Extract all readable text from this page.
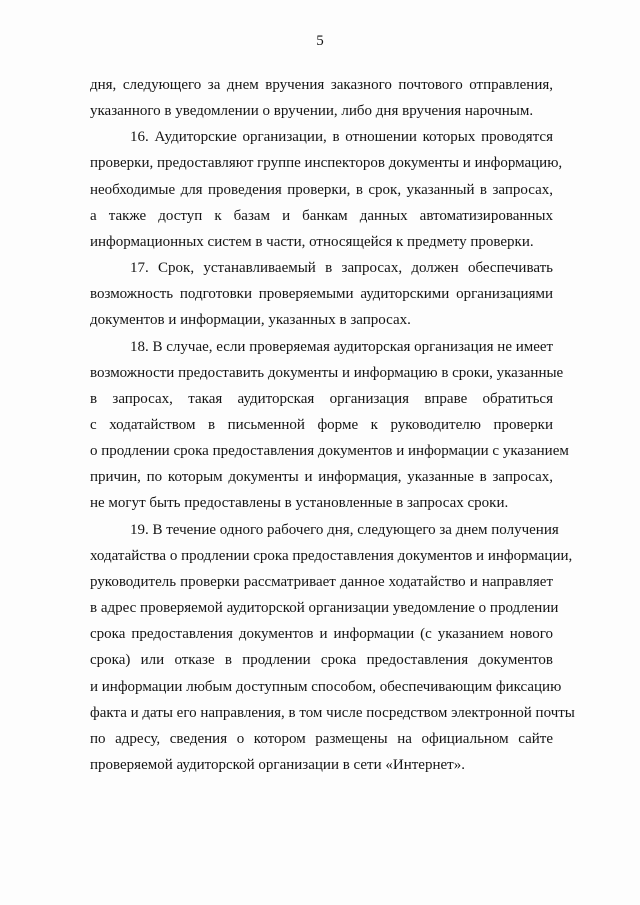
5
дня, следующего за днем вручения заказного почтового отправления,
указанного в уведомлении о вручении, либо дня вручения нарочным.
16. Аудиторские организации, в отношении которых проводятся
проверки, предоставляют группе инспекторов документы и информацию,
необходимые для проведения проверки, в срок, указанный в запросах,
а также доступ к базам и банкам данных автоматизированных
информационных систем в части, относящейся к предмету проверки.
17. Срок, устанавливаемый в запросах, должен обеспечивать
возможность подготовки проверяемыми аудиторскими организациями
документов и информации, указанных в запросах.
18. В случае, если проверяемая аудиторская организация не имеет
возможности предоставить документы и информацию в сроки, указанные
в запросах, такая аудиторская организация вправе обратиться
с ходатайством в письменной форме к руководителю проверки
о продлении срока предоставления документов и информации с указанием
причин, по которым документы и информация, указанные в запросах,
не могут быть предоставлены в установленные в запросах сроки.
19. В течение одного рабочего дня, следующего за днем получения
ходатайства о продлении срока предоставления документов и информации,
руководитель проверки рассматривает данное ходатайство и направляет
в адрес проверяемой аудиторской организации уведомление о продлении
срока предоставления документов и информации (с указанием нового
срока) или отказе в продлении срока предоставления документов
и информации любым доступным способом, обеспечивающим фиксацию
факта и даты его направления, в том числе посредством электронной почты
по адресу, сведения о котором размещены на официальном сайте
проверяемой аудиторской организации в сети «Интернет».
